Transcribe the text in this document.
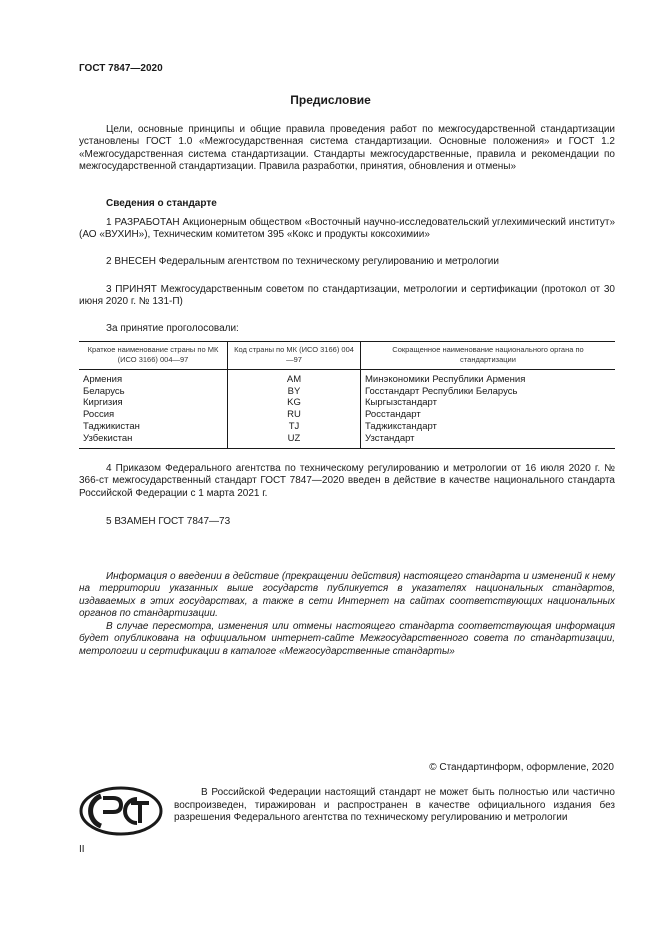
ГОСТ 7847—2020
Предисловие
Цели, основные принципы и общие правила проведения работ по межгосударственной стандартизации установлены ГОСТ 1.0 «Межгосударственная система стандартизации. Основные положения» и ГОСТ 1.2 «Межгосударственная система стандартизации. Стандарты межгосударственные, правила и рекомендации по межгосударственной стандартизации. Правила разработки, принятия, обновления и отмены»
Сведения о стандарте
1 РАЗРАБОТАН Акционерным обществом «Восточный научно-исследовательский углехимический институт» (АО «ВУХИН»), Техническим комитетом 395 «Кокс и продукты коксохимии»
2 ВНЕСЕН Федеральным агентством по техническому регулированию и метрологии
3 ПРИНЯТ Межгосударственным советом по стандартизации, метрологии и сертификации (протокол от 30 июня 2020 г. № 131-П)
За принятие проголосовали:
Краткое наименование страны по МК (ИСО 3166) 004—97	Код страны по МК (ИСО 3166) 004—97	Сокращенное наименование национального органа по стандартизации
Армения	AM	Минэкономики Республики Армения
Беларусь	BY	Госстандарт Республики Беларусь
Киргизия	KG	Кыргызстандарт
Россия	RU	Росстандарт
Таджикистан	TJ	Таджикстандарт
Узбекистан	UZ	Узстандарт
4 Приказом Федерального агентства по техническому регулированию и метрологии от 16 июля 2020 г. № 366-ст межгосударственный стандарт ГОСТ 7847—2020 введен в действие в качестве национального стандарта Российской Федерации с 1 марта 2021 г.
5 ВЗАМЕН ГОСТ 7847—73
Информация о введении в действие (прекращении действия) настоящего стандарта и изменений к нему на территории указанных выше государств публикуется в указателях национальных стандартов, издаваемых в этих государствах, а также в сети Интернет на сайтах соответствующих национальных органов по стандартизации.
В случае пересмотра, изменения или отмены настоящего стандарта соответствующая информация будет опубликована на официальном интернет-сайте Межгосударственного совета по стандартизации, метрологии и сертификации в каталоге «Межгосударственные стандарты»
© Стандартинформ, оформление, 2020
В Российской Федерации настоящий стандарт не может быть полностью или частично воспроизведен, тиражирован и распространен в качестве официального издания без разрешения Федерального агентства по техническому регулированию и метрологии
II
